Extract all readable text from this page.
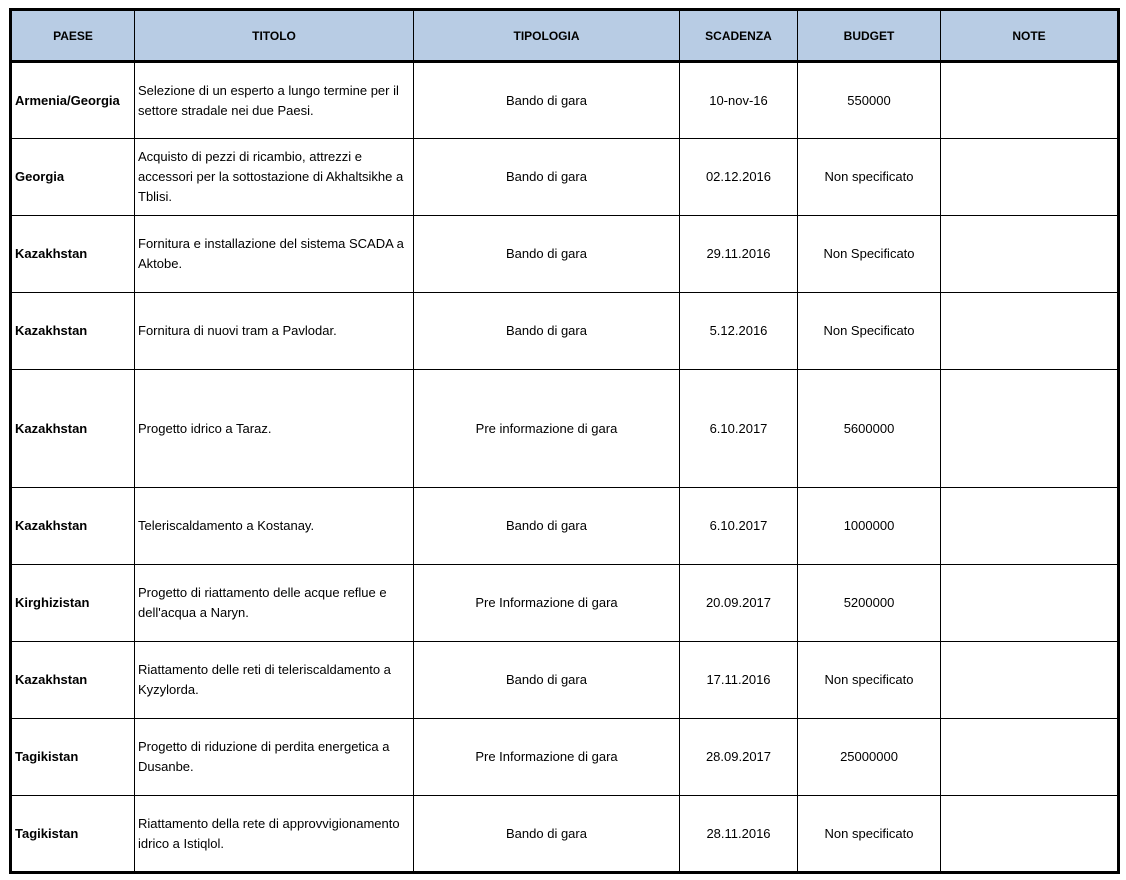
PAESE	TITOLO	TIPOLOGIA	SCADENZA	BUDGET	NOTE
Armenia/Georgia	Selezione di un esperto a lungo termine per il settore stradale nei due Paesi.	Bando di gara	10-nov-16	550000	
Georgia	Acquisto di pezzi di ricambio, attrezzi e accessori per la sottostazione di Akhaltsikhe a Tblisi.	Bando di gara	02.12.2016	Non specificato	
Kazakhstan	Fornitura e installazione del sistema SCADA a Aktobe.	Bando di gara	29.11.2016	Non Specificato	
Kazakhstan	Fornitura di nuovi tram a Pavlodar.	Bando di gara	5.12.2016	Non Specificato	
Kazakhstan	Progetto idrico a Taraz.	Pre informazione di gara	6.10.2017	5600000	
Kazakhstan	Teleriscaldamento a Kostanay.	Bando di gara	6.10.2017	1000000	
Kirghizistan	Progetto di riattamento delle acque reflue e dell'acqua a Naryn.	Pre Informazione di gara	20.09.2017	5200000	
Kazakhstan	Riattamento delle reti di teleriscaldamento a Kyzylorda.	Bando di gara	17.11.2016	Non specificato	
Tagikistan	Progetto di riduzione di perdita energetica a Dusanbe.	Pre Informazione di gara	28.09.2017	25000000	
Tagikistan	Riattamento della rete di approvvigionamento idrico a Istiqlol.	Bando di gara	28.11.2016	Non specificato	
